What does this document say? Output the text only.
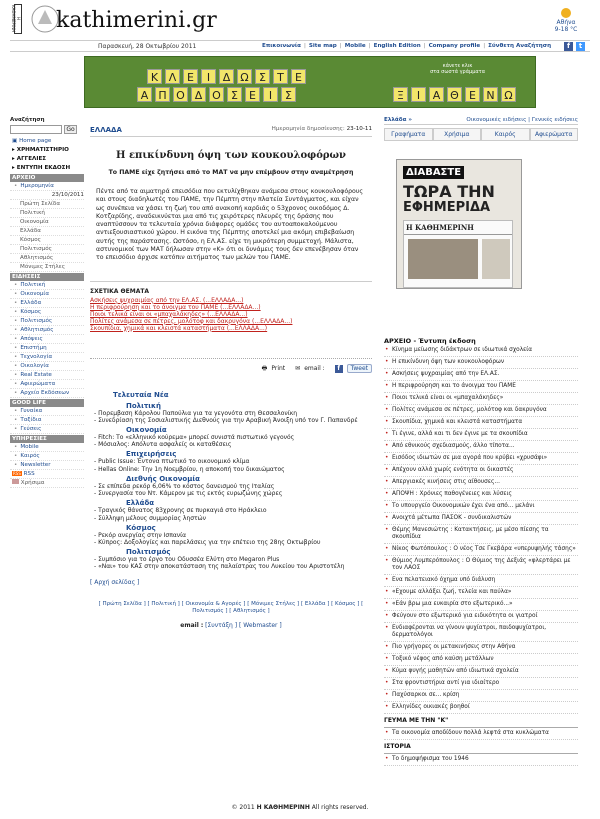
Η ΚΑΘΗΜΕΡΙΝΗ kathimerini.gr	Αθήνα
9-18 °C
Παρασκευή, 28 Οκτωβρίου 2011	Επικοινωνία | Site map | Mobile | English Edition | Company profile | Σύνθετη Αναζήτηση	f	t
Κ Λ Ε	Ι	Δ Ω Σ	Τ	Ε
Α Π Ο Δ Ο Σ	Ε	Ι	Σ	Ξ	Ι	Α Θ Ε Ν Ω
κάνετε κλικ
στα σωστά γράμματα
Αναζήτηση
Go
▣ Home page
▸ ΧΡΗΜΑΤΙΣΤΗΡΙΟ
▸ ΑΓΓΕΛΙΕΣ
▸ ΕΝΤΥΠΗ ΕΚΔΟΣΗ
ΑΡΧΕΙΟ
• Ημερομηνία
23/10/2011
Πρώτη Σελίδα
Πολιτική
Οικονομία
Ελλάδα
Κόσμος
Πολιτισμός
Αθλητισμός
Μόνιμες Στήλες
ΕΙΔΗΣΕΙΣ
• Πολιτική
• Οικονομία
• Ελλάδα
• Κόσμος
• Πολιτισμός
• Αθλητισμός
• Απόψεις
• Επιστήμη
• Τεχνολογία
• Οικολογία
• Real Estate
• Αφιερώματα
• Αρχείο Εκδόσεων
GOOD LIFE
• Γυναίκα
• Ταξίδια
• Γεύσεις
ΥΠΗΡΕΣΙΕΣ
• Mobile
• Καιρός
• Newsletter
RSS RSS
Χρήσιμα
ΕΛΛΑΔΑ	Ημερομηνία δημοσίευσης: 23-10-11
Η επικίνδυνη όψη των κουκουλοφόρων
Το ΠΑΜΕ είχε ζητήσει από το ΜΑΤ να μην επέμβουν στην αναμέτρηση
Πέντε από τα αιματηρά επεισόδια που εκτυλίχθηκαν ανάμεσα στους κουκουλοφόρους και στους διαδηλωτές του ΠΑΜΕ, την Πέμπτη στην πλατεία Συντάγματος, και είχαν ως συνέπεια να χάσει τη ζωή του από ανακοπή καρδιάς ο 53χρονος οικοδόμος Δ. Κοτζαρίδης, αναδεικνύεται μια από τις χειρότερες πλευρές της δράσης που αναπτύσσουν τα τελευταία χρόνια διάφορες ομάδες του αυτοαποκαλούμενου αντιεξουσιαστικού χώρου. Η εικόνα της Πέμπτης αποτελεί μια ακόμη επιβεβαίωση αυτής της παράστασης. Ωστόσο, η ΕΛ.ΑΣ. είχε τη μικρότερη συμμετοχή. Μάλιστα, αστυνομικοί των ΜΑΤ δήλωσαν στην «Κ» ότι οι δυνάμεις τους δεν επενέβησαν όταν το επεισόδιο άρχισε κατόπιν αιτήματος των μελών του ΠΑΜΕ.
ΣΧΕΤΙΚΑ ΘΕΜΑΤΑ
Ασκήσεις ψυχραιμίας από την ΕΛ.ΑΣ. (...ΕΛΛΑΔΑ...)
Η περιφρούρηση και το άνοιγμα του ΠΑΜΕ (...ΕΛΛΑΔΑ...)
Ποιοι τελικά είναι οι «μπαχαλάκηδες» (...ΕΛΛΑΔΑ...)
Πολίτες ανάμεσα σε πέτρες, μολότοφ και δακρυγόνα (...ΕΛΛΑΔΑ...)
Σκουπίδια, χημικά και κλειστά καταστήματα (...ΕΛΛΑΔΑ...)
🖶 Print ✉ email :	f	Tweet
Τελευταία Νέα
Πολιτική
- Πορεμβαση Κάρολου Παπούλια για τα γεγονότα στη Θεσσαλονίκη
- Συνεδρίαση της Σοσιαλιστικής Διεθνούς για την Αραβική Άνοιξη υπό τον Γ. Παπανδρέ
Οικονομία
- Fitch: Το «ελληνικό κούρεμα» μπορεί συνιστά πιστωτικό γεγονός
- Μόσιαλος: Απόλυτα ασφαλείς οι καταθέσεις
Επιχειρήσεις
- Public Issue: Έντονα πτωτικό το οικονομικό κλίμα
- Hellas Online: Την 1η Νοεμβρίου, η αποκοπή του δικαιώματος
Διεθνής Οικονομία
- Σε επίπεδα ρεκόρ 6,06% το κόστος δανεισμού της Ιταλίας
- Συνεργασία του Ντ. Κάμερον με τις εκτός ευρωζώνης χώρες
Ελλάδα
- Τραγικός θάνατος 83χρονης σε πυρκαγιά στο Ηράκλειο
- Σύλληψη μέλους συμμορίας ληστών
Κόσμος
- Ρεκόρ ανεργίας στην Ισπανία
- Κύπρος: Δοξολογίες και παρελάσεις για την επέτειο της 28ης Οκτωβρίου
Πολιτισμός
- Συμπόσιο για το έργο του Οδυσσέα Ελύτη στο Megaron Plus
- «Ναι» του ΚΑΣ στην αποκατάσταση της παλαίστρας του Λυκείου του Αριστοτέλη
[ Αρχή σελίδας ]
[ Πρώτη Σελίδα ] [ Πολιτική ] [ Οικονομία & Αγορές ] [ Μόνιμες Στήλες ] [ Ελλάδα ] [ Κόσμος ] [ Πολιτισμός ] [ Αθλητισμός ]
email : [Συντάξη ] [ Webmaster ]
Ελλάδα »	Οικονομικές ειδήσεις | Γενικές ειδήσεις
Γραφήματα	Χρήσιμα	Καιρός	Αφιερώματα
ΔΙΑΒΑΣΤΕ
ΤΩΡΑ ΤΗΝ
ΕΦΗΜΕΡΙΔΑ
Η ΚΑΘΗΜΕΡΙΝΗ
ΑΡΧΕΙΟ - Έντυπη έκδοση
• Κίνημα μείωσης διδάκτρων σε ιδιωτικά σχολεία
• Η επικίνδυνη όψη των κουκουλοφόρων
• Ασκήσεις ψυχραιμίας από την ΕΛ.ΑΣ.
• Η περιφρούρηση και το άνοιγμα του ΠΑΜΕ
• Ποιοι τελικά είναι οι «μπαχαλάκηδες»
• Πολίτες ανάμεσα σε πέτρες, μολότοφ και δακρυγόνα
• Σκουπίδια, χημικά και κλειστά καταστήματα
• Τι έγινε, αλλά και τι δεν έγινε με τα σκουπίδια
• Από εθνικούς σχεδιασμούς, άλλο τίποτα...
• Εισόδος ιδιωτών σε μια αγορά που κρύβει «χρυσάφι»
• Απέχουν αλλά χωρίς ενότητα οι δικαστές
• Απεργιακές κινήσεις στις αίθουσες...
• ΑΠΟΨΗ : Χρόνιες παθογένειες και λύσεις
• Το υπουργείο Οικονομικών έχει ένα από... μελάνι
• Ανοιχτά μέτωπα ΠΑΣΟΚ - συνδικαλιστών
• Θέμης Μανεσιώτης : Κατακτήσεις, με μέσο πίεσης τα σκουπίδια
• Νίκος Φωτόπουλος : Ο νέος Τσε Γκεβάρα «υπερυψηλής τάσης»
• Θύμιος Λυμπερόπουλος : Ο Θύμιος της Δεξιάς «φλερτάρει με τον ΛΑΟΣ
• Ενα πελατειακό όχημα υπό διάλυση
• «Εχουμε αλλάξει ζωή, τελεία και παύλα»
• «Εάν βρω μια ευκαιρία στο εξωτερικό...»
• Φεύγουν στο εξωτερικό για ειδικότητα οι γιατροί
• Ενδιαφέρονται να γίνουν ψυχίατροι, παιδοψυχίατροι, δερματολόγοι
• Πιο γρήγορες οι μετακινήσεις στην Αθήνα
• Τοξικό νέφος από καύση μετάλλων
• Κύμα φυγής μαθητών από ιδιωτικά σχολεία
• Στα φροντιστήρια αντί για ιδιαίτερο
• Παχύσαρκοι σε... κρίση
• Ελληνίδες οικιακές βοηθοί
ΓΕΥΜΑ ΜΕ ΤΗΝ "Κ"
• Τα οικονομία αποδίδουν πολλά λεφτά στα κυκλώματα
ΙΣΤΟΡΙΑ
• Το δημοψήφισμα του 1946
© 2011 Η ΚΑΘΗΜΕΡΙΝΗ All rights reserved.
